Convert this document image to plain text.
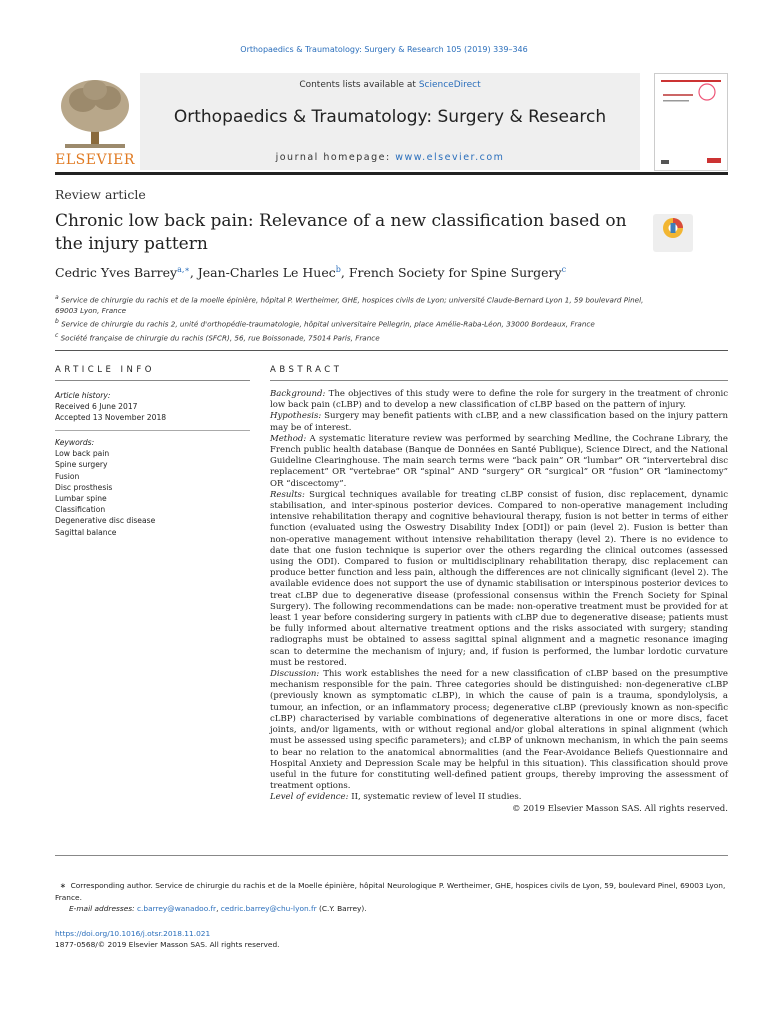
Orthopaedics & Traumatology: Surgery & Research 105 (2019) 339–346
ELSEVIER
Contents lists available at ScienceDirect
Orthopaedics & Traumatology: Surgery & Research
journal homepage: www.elsevier.com
Review article
Chronic low back pain: Relevance of a new classification based on the injury pattern
Cedric Yves Barrey$^{a,∗}$, Jean-Charles Le Huec$^b$, French Society for Spine Surgery$^c$
$^a$ Service de chirurgie du rachis et de la moelle épinière, hôpital P. Wertheimer, GHE, hospices civils de Lyon; université Claude-Bernard Lyon 1, 59 boulevard Pinel, 69003 Lyon, France
$^b$ Service de chirurgie du rachis 2, unité d'orthopédie-traumatologie, hôpital universitaire Pellegrin, place Amélie-Raba-Léon, 33000 Bordeaux, France
$^c$ Société française de chirurgie du rachis (SFCR), 56, rue Boissonade, 75014 Paris, France
ARTICLE INFO	ABSTRACT
Article history:
Received 6 June 2017
Accepted 13 November 2018
Keywords:
Low back pain
Spine surgery
Fusion
Disc prosthesis
Lumbar spine
Classification
Degenerative disc disease
Sagittal balance

Background: The objectives of this study were to define the role for surgery in the treatment of chronic low back pain (cLBP) and to develop a new classification of cLBP based on the pattern of injury.

Hypothesis: Surgery may benefit patients with cLBP, and a new classification based on the injury pattern may be of interest.

Method: A systematic literature review was performed by searching Medline, the Cochrane Library, the French public health database (Banque de Données en Santé Publique), Science Direct, and the National Guideline Clearinghouse. The main search terms were “back pain” OR “lumbar” OR “intervertebral disc replacement” OR “vertebrae” OR “spinal” AND “surgery” OR “surgical” OR “fusion” OR “laminectomy” OR “discectomy”.

Results: Surgical techniques available for treating cLBP consist of fusion, disc replacement, dynamic stabilisation, and inter-spinous posterior devices. Compared to non-operative management including intensive rehabilitation therapy and cognitive behavioural therapy, fusion is not better in terms of either function (evaluated using the Oswestry Disability Index [ODI]) or pain (level 2). Fusion is better than non-operative management without intensive rehabilitation therapy (level 2). There is no evidence to date that one fusion technique is superior over the others regarding the clinical outcomes (assessed using the ODI). Compared to fusion or multidisciplinary rehabilitation therapy, disc replacement can produce better function and less pain, although the differences are not clinically significant (level 2). The available evidence does not support the use of dynamic stabilisation or interspinous posterior devices to treat cLBP due to degenerative disease (professional consensus within the French Society for Spinal Surgery). The following recommendations can be made: non-operative treatment must be provided for at least 1 year before considering surgery in patients with cLBP due to degenerative disease; patients must be fully informed about alternative treatment options and the risks associated with surgery; standing radiographs must be obtained to assess sagittal spinal alignment and a magnetic resonance imaging scan to determine the mechanism of injury; and, if fusion is performed, the lumbar lordotic curvature must be restored.

Discussion: This work establishes the need for a new classification of cLBP based on the presumptive mechanism responsible for the pain. Three categories should be distinguished: non-degenerative cLBP (previously known as symptomatic cLBP), in which the cause of pain is a trauma, spondylolysis, a tumour, an infection, or an inflammatory process; degenerative cLBP (previously known as non-specific cLBP) characterised by variable combinations of degenerative alterations in one or more discs, facet joints, and/or ligaments, with or without regional and/or global alterations in spinal alignment (which must be assessed using specific parameters); and cLBP of unknown mechanism, in which the pain seems to bear no relation to the anatomical abnormalities (and the Fear-Avoidance Beliefs Questionnaire and Hospital Anxiety and Depression Scale may be helpful in this situation). This classification should prove useful in the future for constituting well-defined patient groups, thereby improving the assessment of treatment options.

Level of evidence: II, systematic review of level II studies.

© 2019 Elsevier Masson SAS. All rights reserved.

∗ Corresponding author. Service de chirurgie du rachis et de la Moelle épinière, hôpital Neurologique P. Wertheimer, GHE, hospices civils de Lyon, 59, boulevard Pinel, 69003 Lyon, France.
E-mail addresses: c.barrey@wanadoo.fr, cedric.barrey@chu-lyon.fr (C.Y. Barrey).
https://doi.org/10.1016/j.otsr.2018.11.021
1877-0568/© 2019 Elsevier Masson SAS. All rights reserved.
